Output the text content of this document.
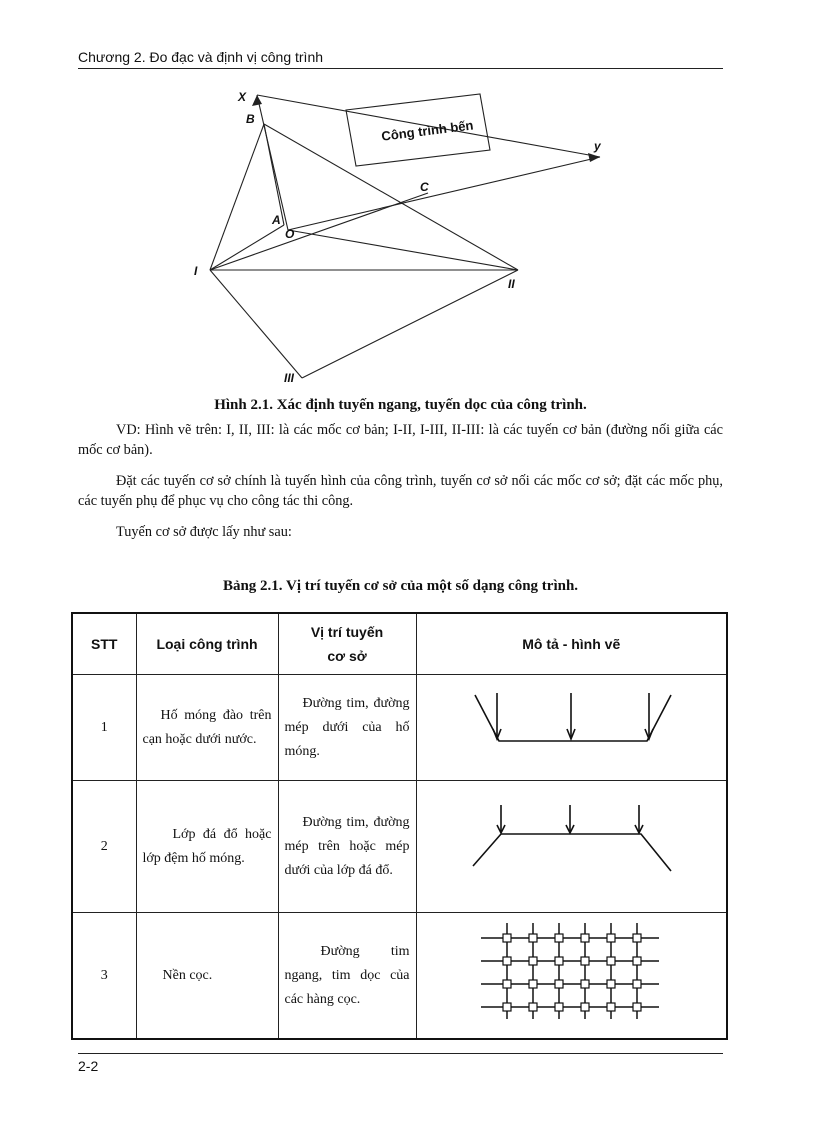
Chương 2. Đo đạc và định vị công trình
X
B
y
C
A
O
I
II
III
Công trình bến
Hình 2.1. Xác định tuyến ngang, tuyến dọc của công trình.
VD: Hình vẽ trên: I, II, III: là các mốc cơ bản; I-II, I-III, II-III: là các tuyến cơ bản (đường nối giữa các mốc cơ bản).
Đặt các tuyến cơ sở chính là tuyến hình của công trình, tuyến cơ sở nối các mốc cơ sở; đặt các mốc phụ, các tuyến phụ để phục vụ cho công tác thi công.
Tuyến cơ sở được lấy như sau:
Bảng 2.1. Vị trí tuyến cơ sở của một số dạng công trình.
STT	Loại công trình	Vị trí tuyến cơ sở	Mô tả - hình vẽ
1	Hố móng đào trên cạn hoặc dưới nước.	Đường tim, đường mép dưới của hố móng.

2	Lớp đá đổ hoặc lớp đệm hố móng.	Đường tim, đường mép trên hoặc mép dưới của lớp đá đổ.

3	Nền cọc.	Đường tim ngang, tim dọc của các hàng cọc.

2-2
